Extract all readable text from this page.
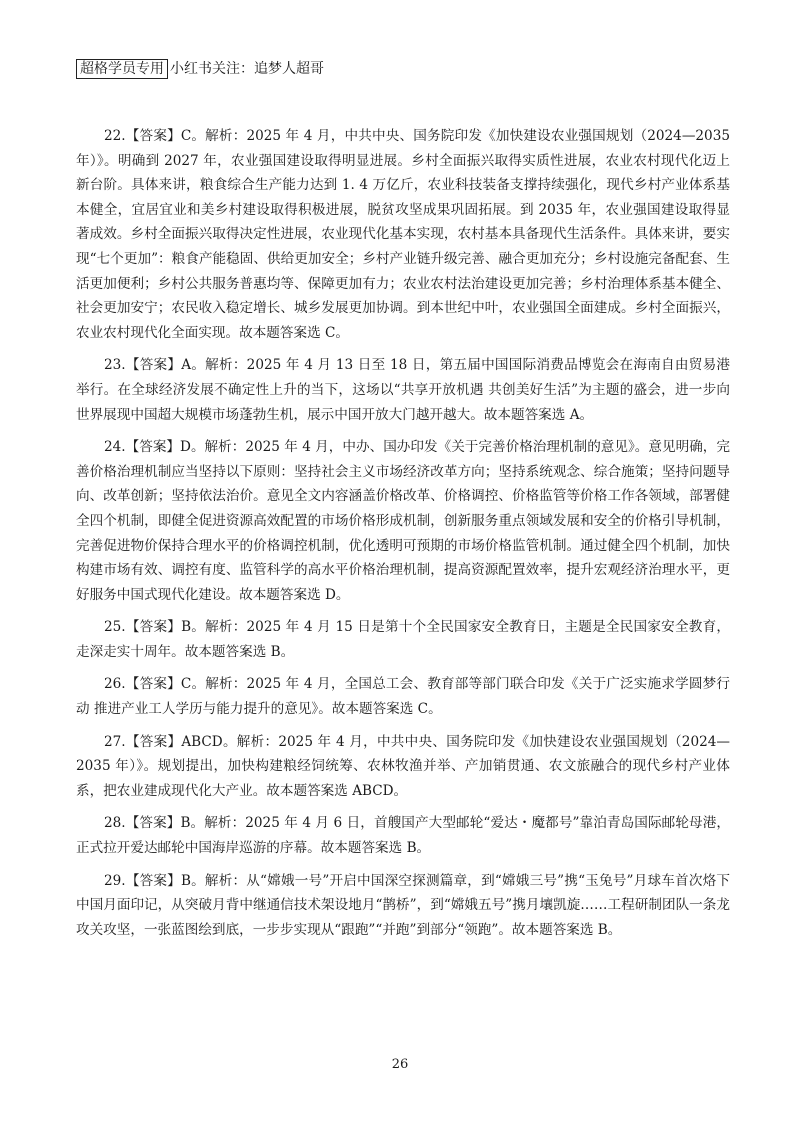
超格学员专用 小红书关注：追梦人超哥

22.【答案】C。解析：2025 年 4 月，中共中央、国务院印发《加快建设农业强国规划（2024—2035 年）》。明确到 2027 年，农业强国建设取得明显进展。乡村全面振兴取得实质性进展，农业农村现代化迈上新台阶。具体来讲，粮食综合生产能力达到 1. 4 万亿斤，农业科技装备支撑持续强化，现代乡村产业体系基本健全，宜居宜业和美乡村建设取得积极进展，脱贫攻坚成果巩固拓展。到 2035 年，农业强国建设取得显著成效。乡村全面振兴取得决定性进展，农业现代化基本实现，农村基本具备现代生活条件。具体来讲，要实现“七个更加”：粮食产能稳固、供给更加安全；乡村产业链升级完善、融合更加充分；乡村设施完备配套、生活更加便利；乡村公共服务普惠均等、保障更加有力；农业农村法治建设更加完善；乡村治理体系基本健全、社会更加安宁；农民收入稳定增长、城乡发展更加协调。到本世纪中叶，农业强国全面建成。乡村全面振兴，农业农村现代化全面实现。故本题答案选 C。

23.【答案】A。解析：2025 年 4 月 13 日至 18 日，第五届中国国际消费品博览会在海南自由贸易港举行。在全球经济发展不确定性上升的当下，这场以“共享开放机遇 共创美好生活”为主题的盛会，进一步向世界展现中国超大规模市场蓬勃生机，展示中国开放大门越开越大。故本题答案选 A。

24.【答案】D。解析：2025 年 4 月，中办、国办印发《关于完善价格治理机制的意见》。意见明确，完善价格治理机制应当坚持以下原则：坚持社会主义市场经济改革方向；坚持系统观念、综合施策；坚持问题导向、改革创新；坚持依法治价。意见全文内容涵盖价格改革、价格调控、价格监管等价格工作各领域，部署健全四个机制，即健全促进资源高效配置的市场价格形成机制，创新服务重点领域发展和安全的价格引导机制，完善促进物价保持合理水平的价格调控机制，优化透明可预期的市场价格监管机制。通过健全四个机制，加快构建市场有效、调控有度、监管科学的高水平价格治理机制，提高资源配置效率，提升宏观经济治理水平，更好服务中国式现代化建设。故本题答案选 D。

25.【答案】B。解析：2025 年 4 月 15 日是第十个全民国家安全教育日，主题是全民国家安全教育，走深走实十周年。故本题答案选 B。

26.【答案】C。解析：2025 年 4 月，全国总工会、教育部等部门联合印发《关于广泛实施求学圆梦行动 推进产业工人学历与能力提升的意见》。故本题答案选 C。

27.【答案】ABCD。解析：2025 年 4 月，中共中央、国务院印发《加快建设农业强国规划（2024—2035 年）》。规划提出，加快构建粮经饲统筹、农林牧渔并举、产加销贯通、农文旅融合的现代乡村产业体系，把农业建成现代化大产业。故本题答案选 ABCD。

28.【答案】B。解析：2025 年 4 月 6 日，首艘国产大型邮轮“爱达・魔都号”靠泊青岛国际邮轮母港，正式拉开爱达邮轮中国海岸巡游的序幕。故本题答案选 B。

29.【答案】B。解析：从“嫦娥一号”开启中国深空探测篇章，到“嫦娥三号”携“玉兔号”月球车首次烙下中国月面印记，从突破月背中继通信技术架设地月“鹊桥”，到“嫦娥五号”携月壤凯旋……工程研制团队一条龙攻关攻坚，一张蓝图绘到底，一步步实现从“跟跑”“并跑”到部分“领跑”。故本题答案选 B。

26
